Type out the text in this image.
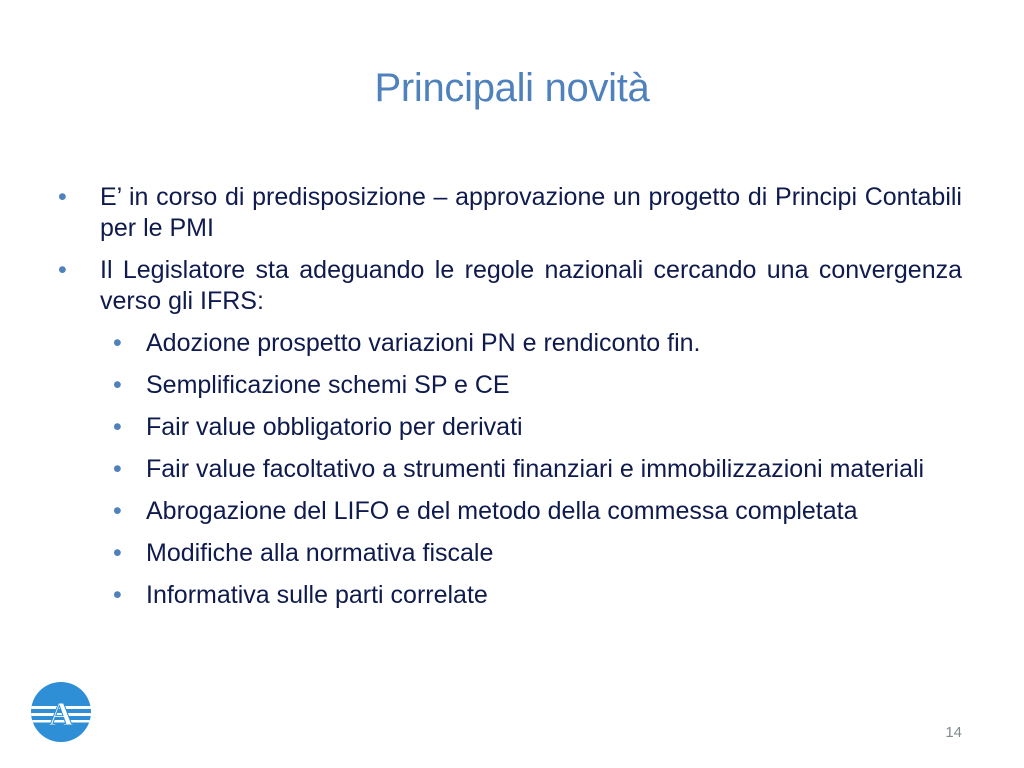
Principali novità
• E’ in corso di predisposizione – approvazione un progetto di Principi Contabili per le PMI
• Il Legislatore sta adeguando le regole nazionali cercando una convergenza verso gli IFRS:
• Adozione prospetto variazioni PN e rendiconto fin.
• Semplificazione schemi SP e CE
• Fair value obbligatorio per derivati
• Fair value facoltativo a strumenti finanziari e immobilizzazioni materiali
• Abrogazione del LIFO e del metodo della commessa completata
• Modifiche alla normativa fiscale
• Informativa sulle parti correlate
A	14
